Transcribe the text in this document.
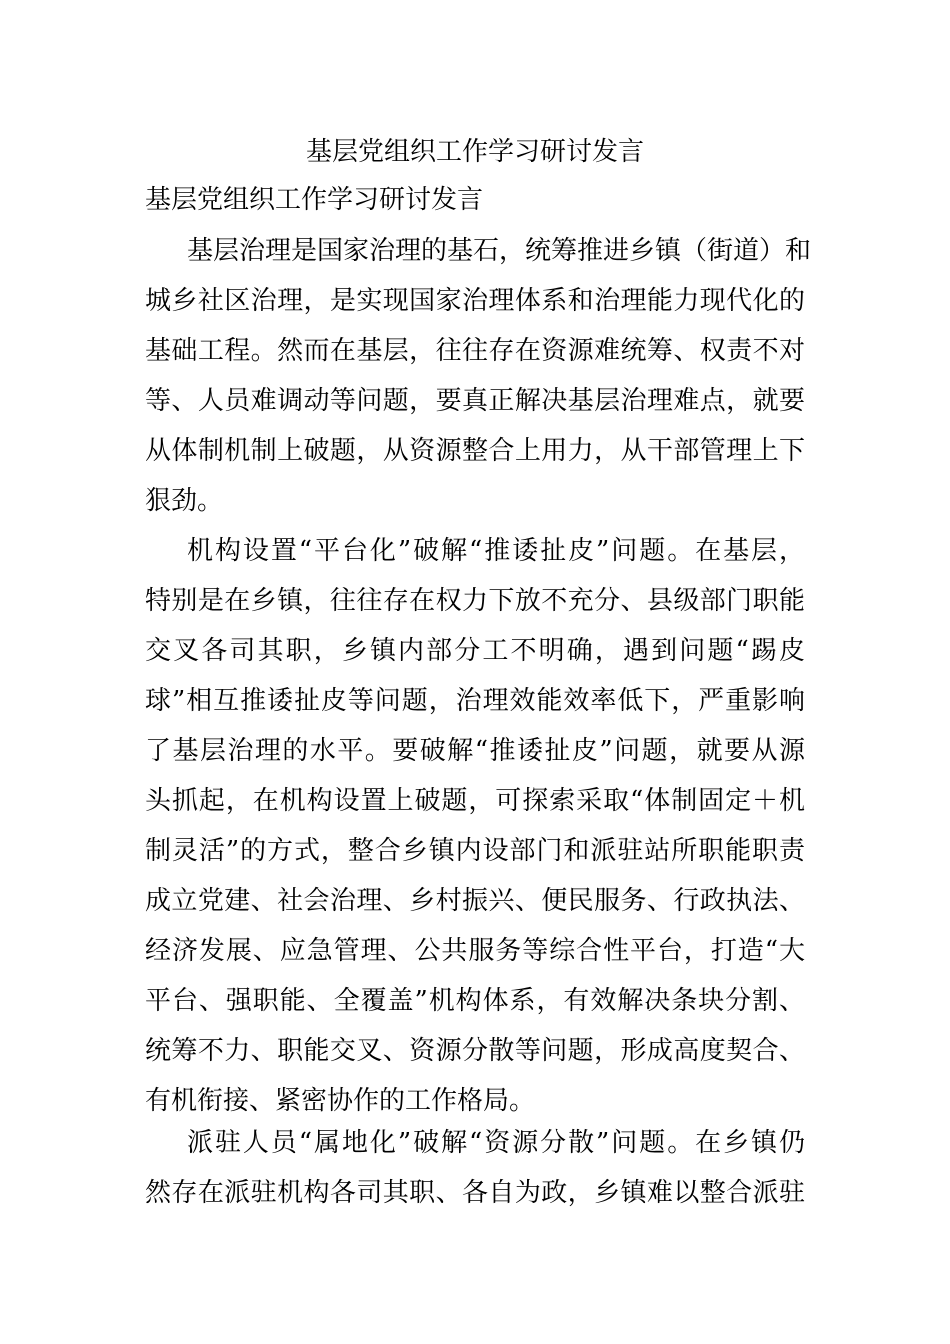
基层党组织工作学习研讨发言
基层党组织工作学习研讨发言
基层治理是国家治理的基石，统筹推进乡镇（街道）和
城乡社区治理，是实现国家治理体系和治理能力现代化的
基础工程。然而在基层，往往存在资源难统筹、权责不对
等、人员难调动等问题，要真正解决基层治理难点，就要
从体制机制上破题，从资源整合上用力，从干部管理上下
狠劲。
机构设置“平台化”破解“推诿扯皮”问题。在基层，
特别是在乡镇，往往存在权力下放不充分、县级部门职能
交叉各司其职，乡镇内部分工不明确，遇到问题“踢皮
球”相互推诿扯皮等问题，治理效能效率低下，严重影响
了基层治理的水平。要破解“推诿扯皮”问题，就要从源
头抓起，在机构设置上破题，可探索采取“体制固定＋机
制灵活”的方式，整合乡镇内设部门和派驻站所职能职责
成立党建、社会治理、乡村振兴、便民服务、行政执法、
经济发展、应急管理、公共服务等综合性平台，打造“大
平台、强职能、全覆盖”机构体系，有效解决条块分割、
统筹不力、职能交叉、资源分散等问题，形成高度契合、
有机衔接、紧密协作的工作格局。
派驻人员“属地化”破解“资源分散”问题。在乡镇仍
然存在派驻机构各司其职、各自为政，乡镇难以整合派驻
